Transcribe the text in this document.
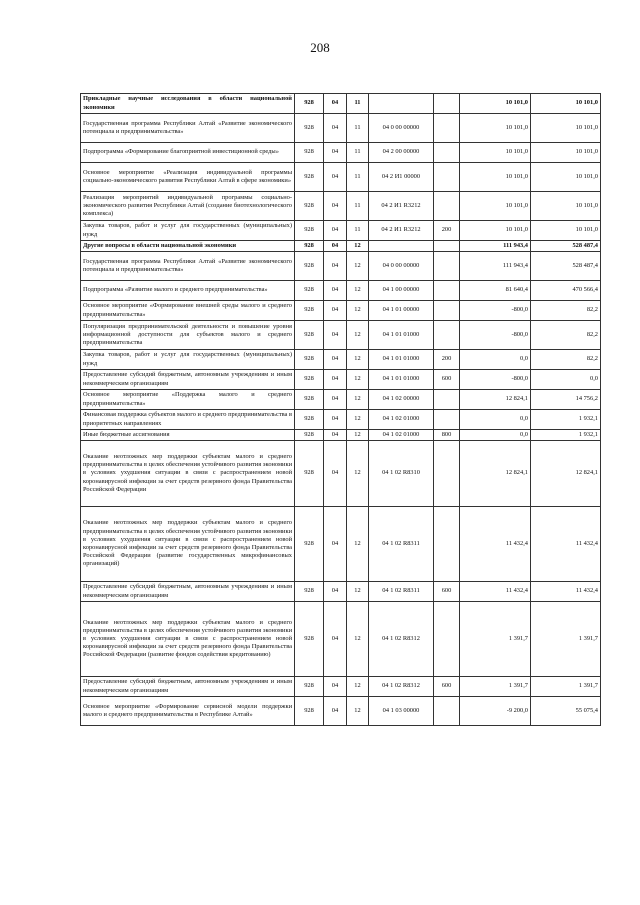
208
Прикладные научные исследования в области национальной экономики	928	04	11			10 101,0	10 101,0
Государственная программа Республики Алтай «Развитие экономического потенциала и предпринимательства»	928	04	11	04 0 00 00000		10 101,0	10 101,0
Подпрограмма «Формирование благоприятной инвестиционной среды»	928	04	11	04 2 00 00000		10 101,0	10 101,0
Основное мероприятие «Реализация индивидуальной программы социально-экономического развития Республики Алтай в сфере экономики»	928	04	11	04 2 И1 00000		10 101,0	10 101,0
Реализация мероприятий индивидуальной программы социально-экономического развития Республики Алтай (создание биотехнологического комплекса)	928	04	11	04 2 И1 R3212		10 101,0	10 101,0
Закупка товаров, работ и услуг для государственных (муниципальных) нужд	928	04	11	04 2 И1 R3212	200	10 101,0	10 101,0
Другие вопросы в области национальной экономики	928	04	12			111 943,4	528 487,4
Государственная программа Республики Алтай «Развитие экономического потенциала и предпринимательства»	928	04	12	04 0 00 00000		111 943,4	528 487,4
Подпрограмма «Развитие малого и среднего предпринимательства»	928	04	12	04 1 00 00000		81 640,4	470 566,4
Основное мероприятие «Формирование внешней среды малого и среднего предпринимательства»	928	04	12	04 1 01 00000		-800,0	82,2
Популяризация предпринимательской деятельности и повышение уровня информационной доступности для субъектов малого и среднего предпринимательства	928	04	12	04 1 01 01000		-800,0	82,2
Закупка товаров, работ и услуг для государственных (муниципальных) нужд	928	04	12	04 1 01 01000	200	0,0	82,2
Предоставление субсидий бюджетным, автономным учреждениям и иным некоммерческим организациям	928	04	12	04 1 01 01000	600	-800,0	0,0
Основное мероприятие «Поддержка малого и среднего предпринимательства»	928	04	12	04 1 02 00000		12 824,1	14 756,2
Финансовая поддержка субъектов малого и среднего предпринимательства в приоритетных направлениях	928	04	12	04 1 02 01000		0,0	1 932,1
Иные бюджетные ассигнования	928	04	12	04 1 02 01000	800	0,0	1 932,1
Оказание неотложных мер поддержки субъектам малого и среднего предпринимательства в целях обеспечения устойчивого развития экономики в условиях ухудшения ситуации в связи с распространением новой коронавирусной инфекции за счет средств резервного фонда Правительства Российской Федерации	928	04	12	04 1 02 R8310		12 824,1	12 824,1
Оказание неотложных мер поддержки субъектам малого и среднего предпринимательства в целях обеспечения устойчивого развития экономики в условиях ухудшения ситуации в связи с распространением новой коронавирусной инфекции за счет средств резервного фонда Правительства Российской Федерации (развитие государственных микрофинансовых организаций)	928	04	12	04 1 02 R8311		11 432,4	11 432,4
Предоставление субсидий бюджетным, автономным учреждениям и иным некоммерческим организациям	928	04	12	04 1 02 R8311	600	11 432,4	11 432,4
Оказание неотложных мер поддержки субъектам малого и среднего предпринимательства в целях обеспечения устойчивого развития экономики в условиях ухудшения ситуации в связи с распространением новой коронавирусной инфекции за счет средств резервного фонда Правительства Российской Федерации (развитие фондов содействия кредитованию)	928	04	12	04 1 02 R8312		1 391,7	1 391,7
Предоставление субсидий бюджетным, автономным учреждениям и иным некоммерческим организациям	928	04	12	04 1 02 R8312	600	1 391,7	1 391,7
Основное мероприятие «Формирование сервисной модели поддержки малого и среднего предпринимательства в Республике Алтай»	928	04	12	04 1 03 00000		-9 200,0	55 075,4
